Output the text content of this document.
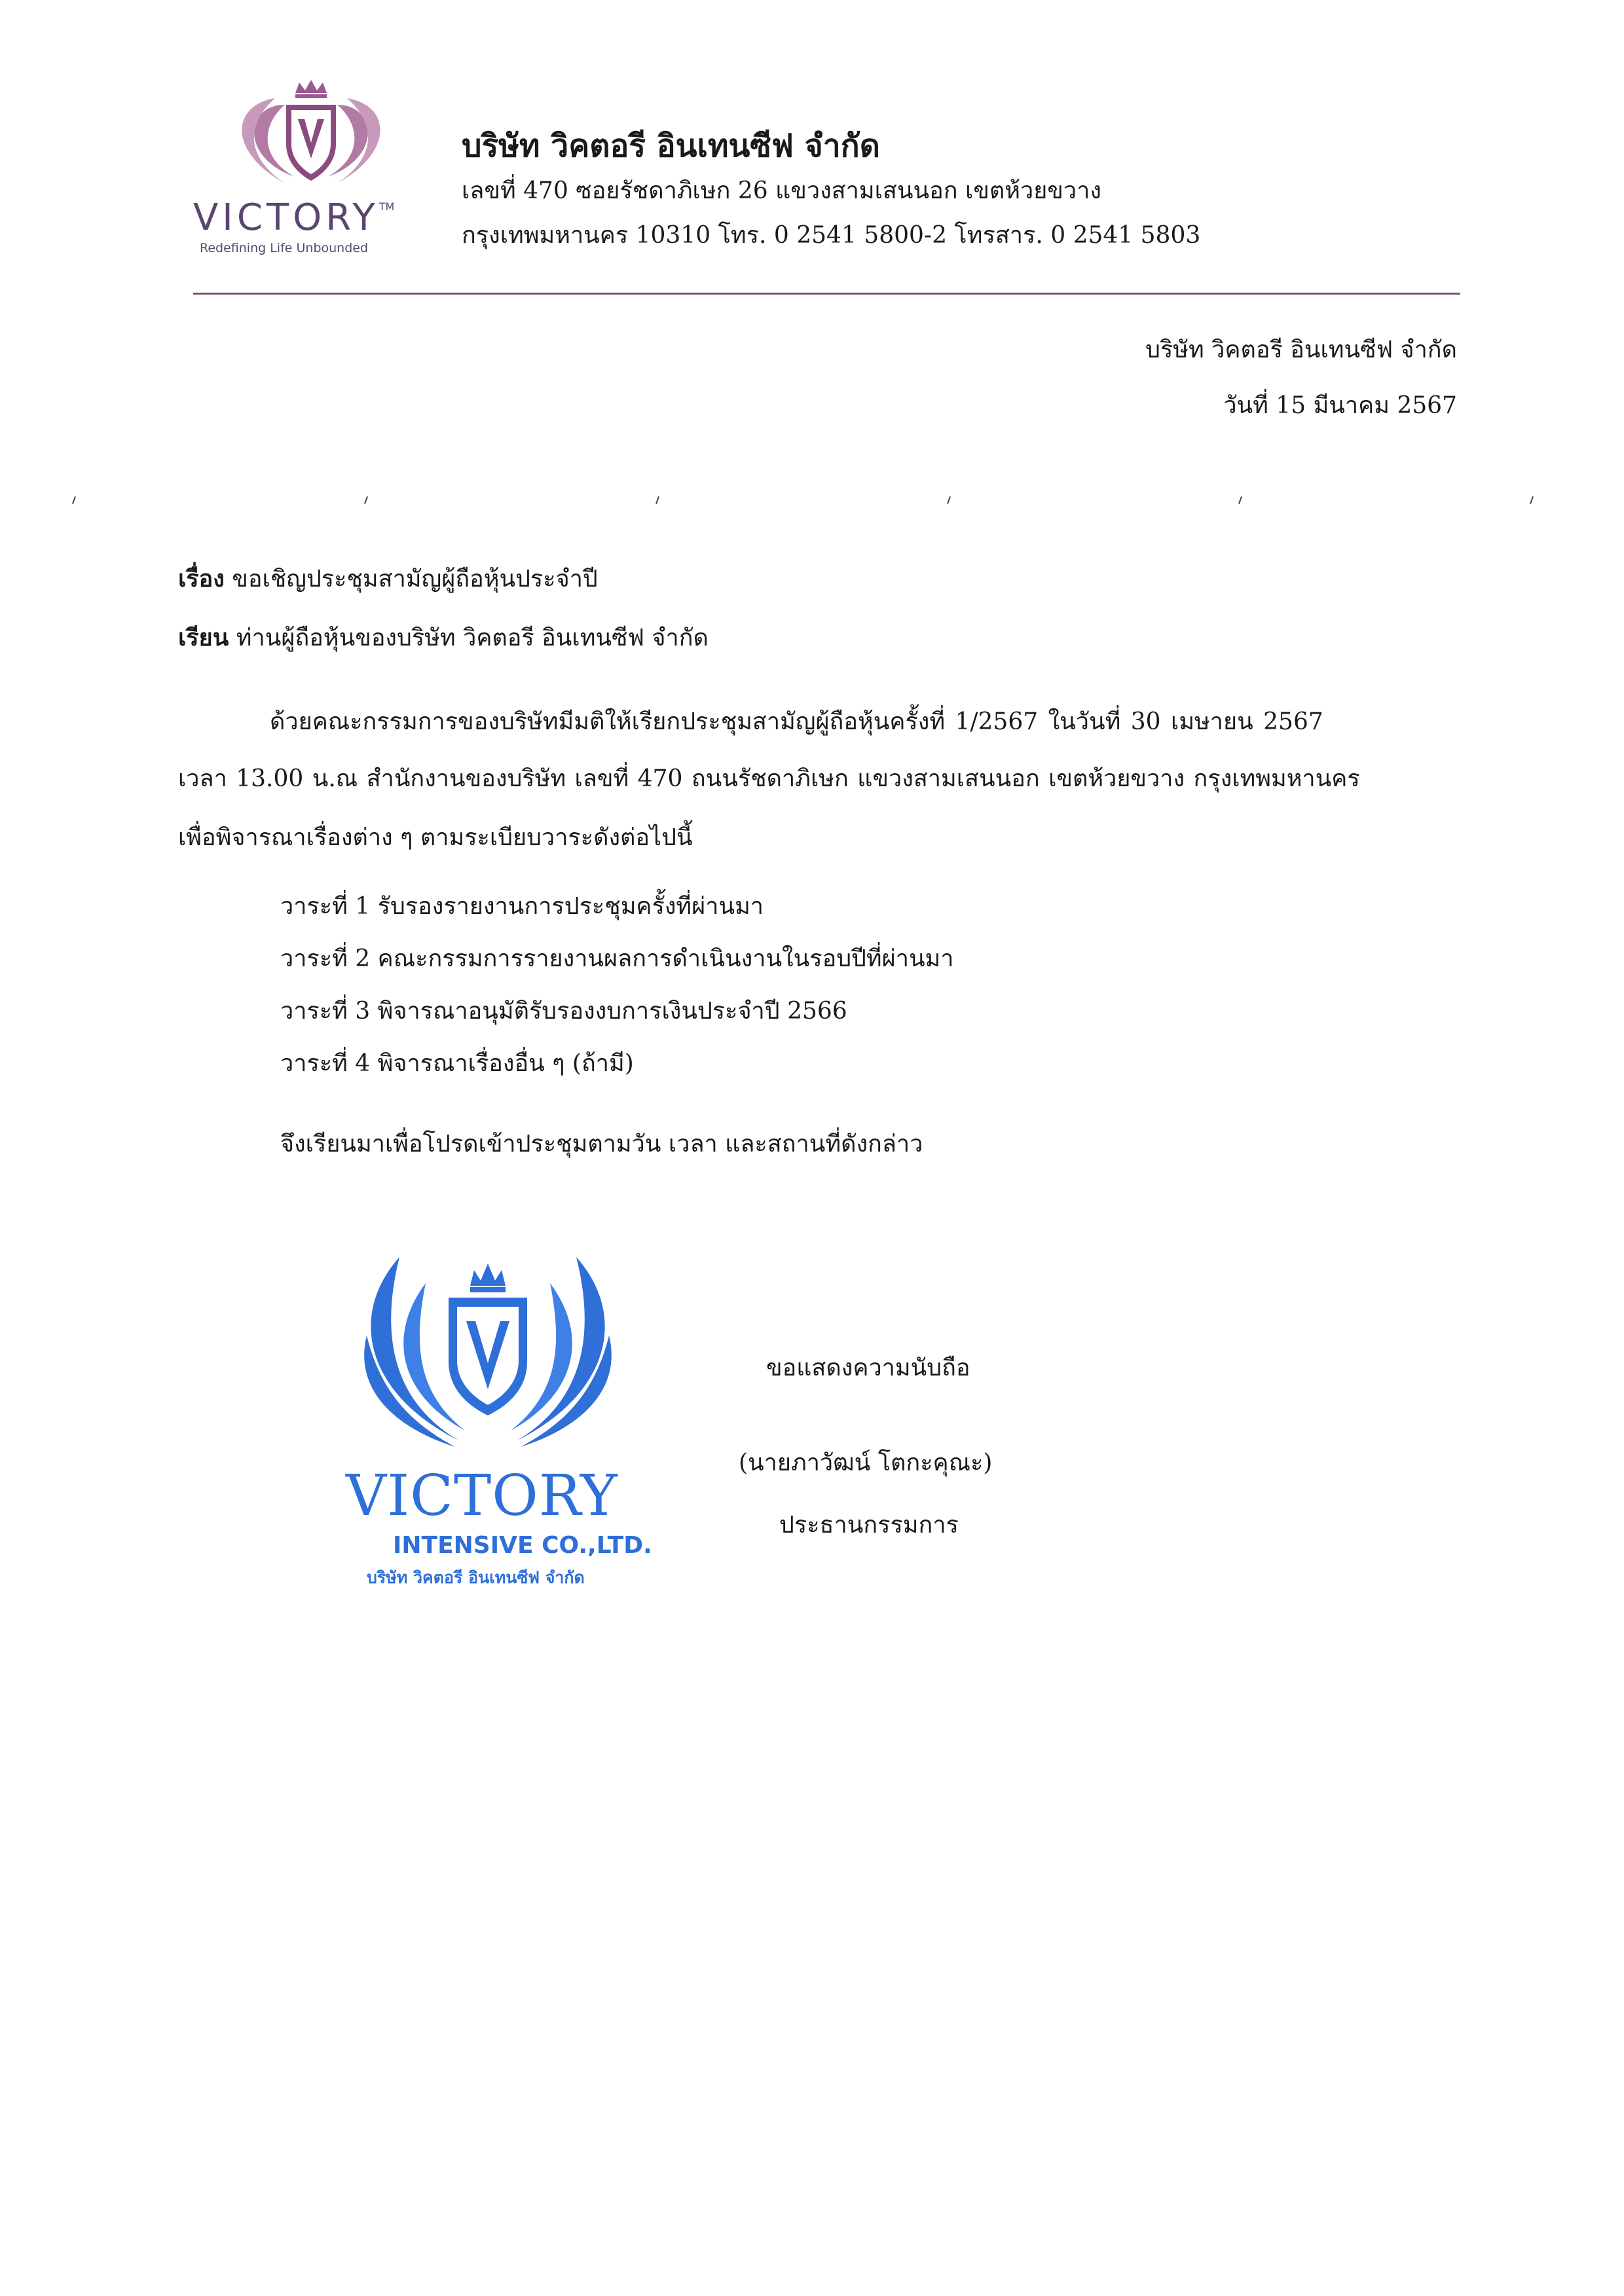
VICTORY™
Redefining Life Unbounded
บริษัท วิคตอรี อินเทนซีฟ จำกัด
เลขที่ 470 ซอยรัชดาภิเษก 26 แขวงสามเสนนอก เขตห้วยขวาง
กรุงเทพมหานคร 10310 โทร. 0 2541 5800-2 โทรสาร. 0 2541 5803
บริษัท วิคตอรี อินเทนซีฟ จำกัด
วันที่ 15 มีนาคม 2567
เรื่อง ขอเชิญประชุมสามัญผู้ถือหุ้นประจำปี
เรียน ท่านผู้ถือหุ้นของบริษัท วิคตอรี อินเทนซีฟ จำกัด
ด้วยคณะกรรมการของบริษัทมีมติให้เรียกประชุมสามัญผู้ถือหุ้นครั้งที่ 1/2567 ในวันที่ 30 เมษายน 2567
เวลา 13.00 น.ณ สำนักงานของบริษัท เลขที่ 470 ถนนรัชดาภิเษก แขวงสามเสนนอก เขตห้วยขวาง กรุงเทพมหานคร
เพื่อพิจารณาเรื่องต่าง ๆ ตามระเบียบวาระดังต่อไปนี้
วาระที่ 1 รับรองรายงานการประชุมครั้งที่ผ่านมา
วาระที่ 2 คณะกรรมการรายงานผลการดำเนินงานในรอบปีที่ผ่านมา
วาระที่ 3 พิจารณาอนุมัติรับรองงบการเงินประจำปี 2566
วาระที่ 4 พิจารณาเรื่องอื่น ๆ (ถ้ามี)
จึงเรียนมาเพื่อโปรดเข้าประชุมตามวัน เวลา และสถานที่ดังกล่าว
VICTORY
INTENSIVE CO.,LTD.
บริษัท วิคตอรี อินเทนซีฟ จำกัด
ขอแสดงความนับถือ
(นายภาวัฒน์ โตกะคุณะ)
ประธานกรรมการ
